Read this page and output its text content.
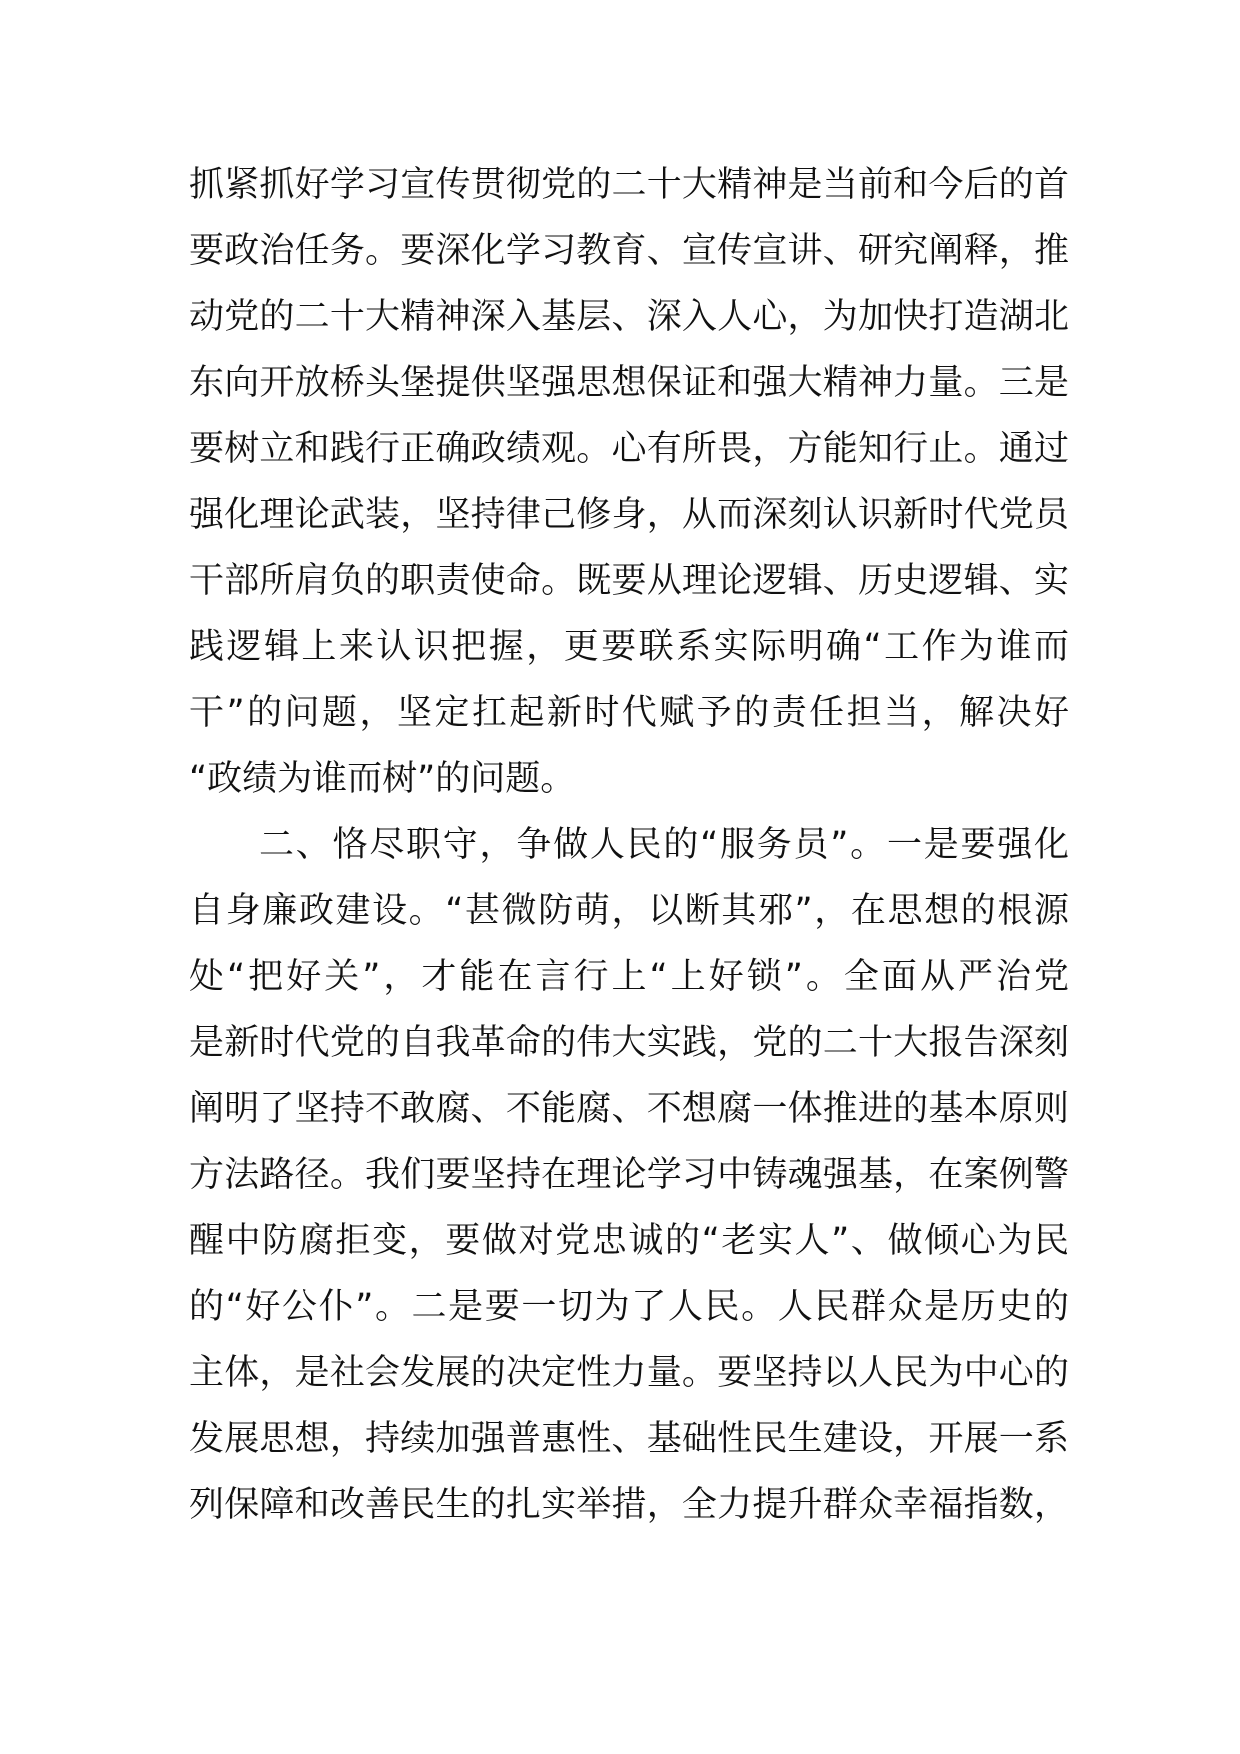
抓紧抓好学习宣传贯彻党的二十大精神是当前和今后的首
要政治任务。要深化学习教育、宣传宣讲、研究阐释，推
动党的二十大精神深入基层、深入人心，为加快打造湖北
东向开放桥头堡提供坚强思想保证和强大精神力量。三是
要树立和践行正确政绩观。心有所畏，方能知行止。通过
强化理论武装，坚持律己修身，从而深刻认识新时代党员
干部所肩负的职责使命。既要从理论逻辑、历史逻辑、实
践逻辑上来认识把握，更要联系实际明确“工作为谁而
干”的问题，坚定扛起新时代赋予的责任担当，解决好
“政绩为谁而树”的问题。
二、恪尽职守，争做人民的“服务员”。一是要强化
自身廉政建设。“甚微防萌，以断其邪”，在思想的根源
处“把好关”，才能在言行上“上好锁”。全面从严治党
是新时代党的自我革命的伟大实践，党的二十大报告深刻
阐明了坚持不敢腐、不能腐、不想腐一体推进的基本原则
方法路径。我们要坚持在理论学习中铸魂强基，在案例警
醒中防腐拒变，要做对党忠诚的“老实人”、做倾心为民
的“好公仆”。二是要一切为了人民。人民群众是历史的
主体，是社会发展的决定性力量。要坚持以人民为中心的
发展思想，持续加强普惠性、基础性民生建设，开展一系
列保障和改善民生的扎实举措，全力提升群众幸福指数，
